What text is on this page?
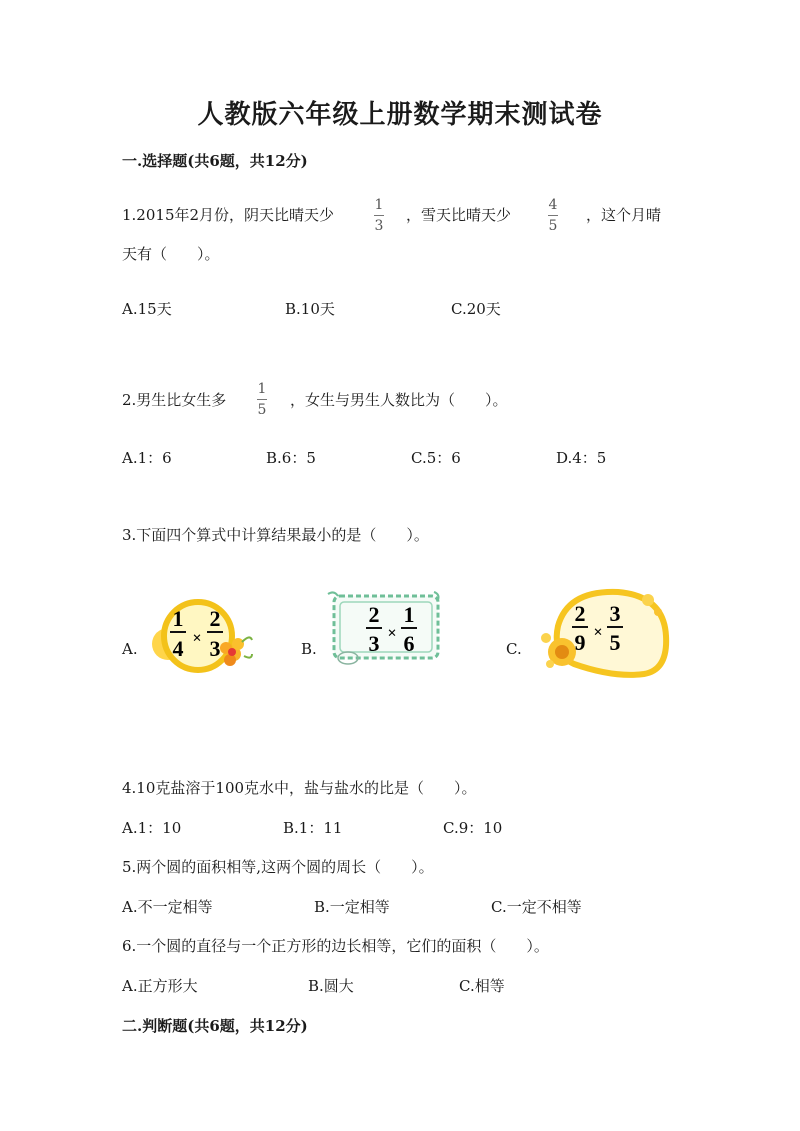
人教版六年级上册数学期末测试卷
一.选择题(共6题，共12分)
1.2015年2月份，阴天比晴天少
1
3
，雪天比晴天少
4
5
，这个月晴
天有（　　）。
A.15天	B.10天	C.20天
2.男生比女生多
1
5
，女生与男生人数比为（　　）。
A.1：6	B.6：5	C.5：6	D.4：5
3.下面四个算式中计算结果最小的是（　　）。
A.
1
4 ×
2
3	B.
2
3 ×
1
6	C.
2
9 ×
3
5
4.10克盐溶于100克水中，盐与盐水的比是（　　）。
A.1：10	B.1：11	C.9：10
5.两个圆的面积相等,这两个圆的周长（　　）。
A.不一定相等	B.一定相等	C.一定不相等
6.一个圆的直径与一个正方形的边长相等，它们的面积（　　）。
A.正方形大	B.圆大	C.相等
二.判断题(共6题，共12分)
